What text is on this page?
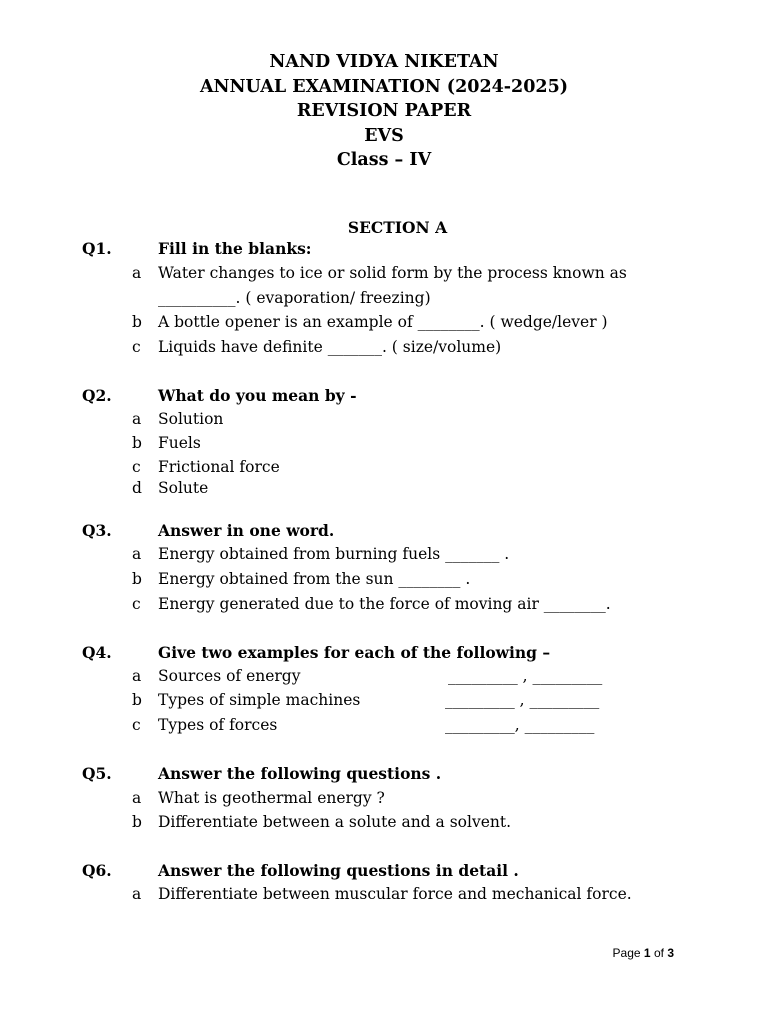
NAND VIDYA NIKETAN
ANNUAL EXAMINATION (2024-2025)
REVISION PAPER
EVS
Class – IV
SECTION A
Q1.	Fill in the blanks:
a Water changes to ice or solid form by the process known as
__________. ( evaporation/ freezing)
b A bottle opener is an example of ________. ( wedge/lever )
c Liquids have definite _______. ( size/volume)
Q2.	What do you mean by -
a Solution
b Fuels
c Frictional force
d Solute
Q3.	Answer in one word.
a Energy obtained from burning fuels _______ .
b Energy obtained from the sun ________ .
c Energy generated due to the force of moving air ________.
Q4.	Give two examples for each of the following –
a Sources of energy	_________ , _________
b Types of simple machines	_________ , _________
c Types of forces	_________, _________
Q5.	Answer the following questions .
a What is geothermal energy ?
b Differentiate between a solute and a solvent.
Q6.	Answer the following questions in detail .
a Differentiate between muscular force and mechanical force.
Page 1 of 3
